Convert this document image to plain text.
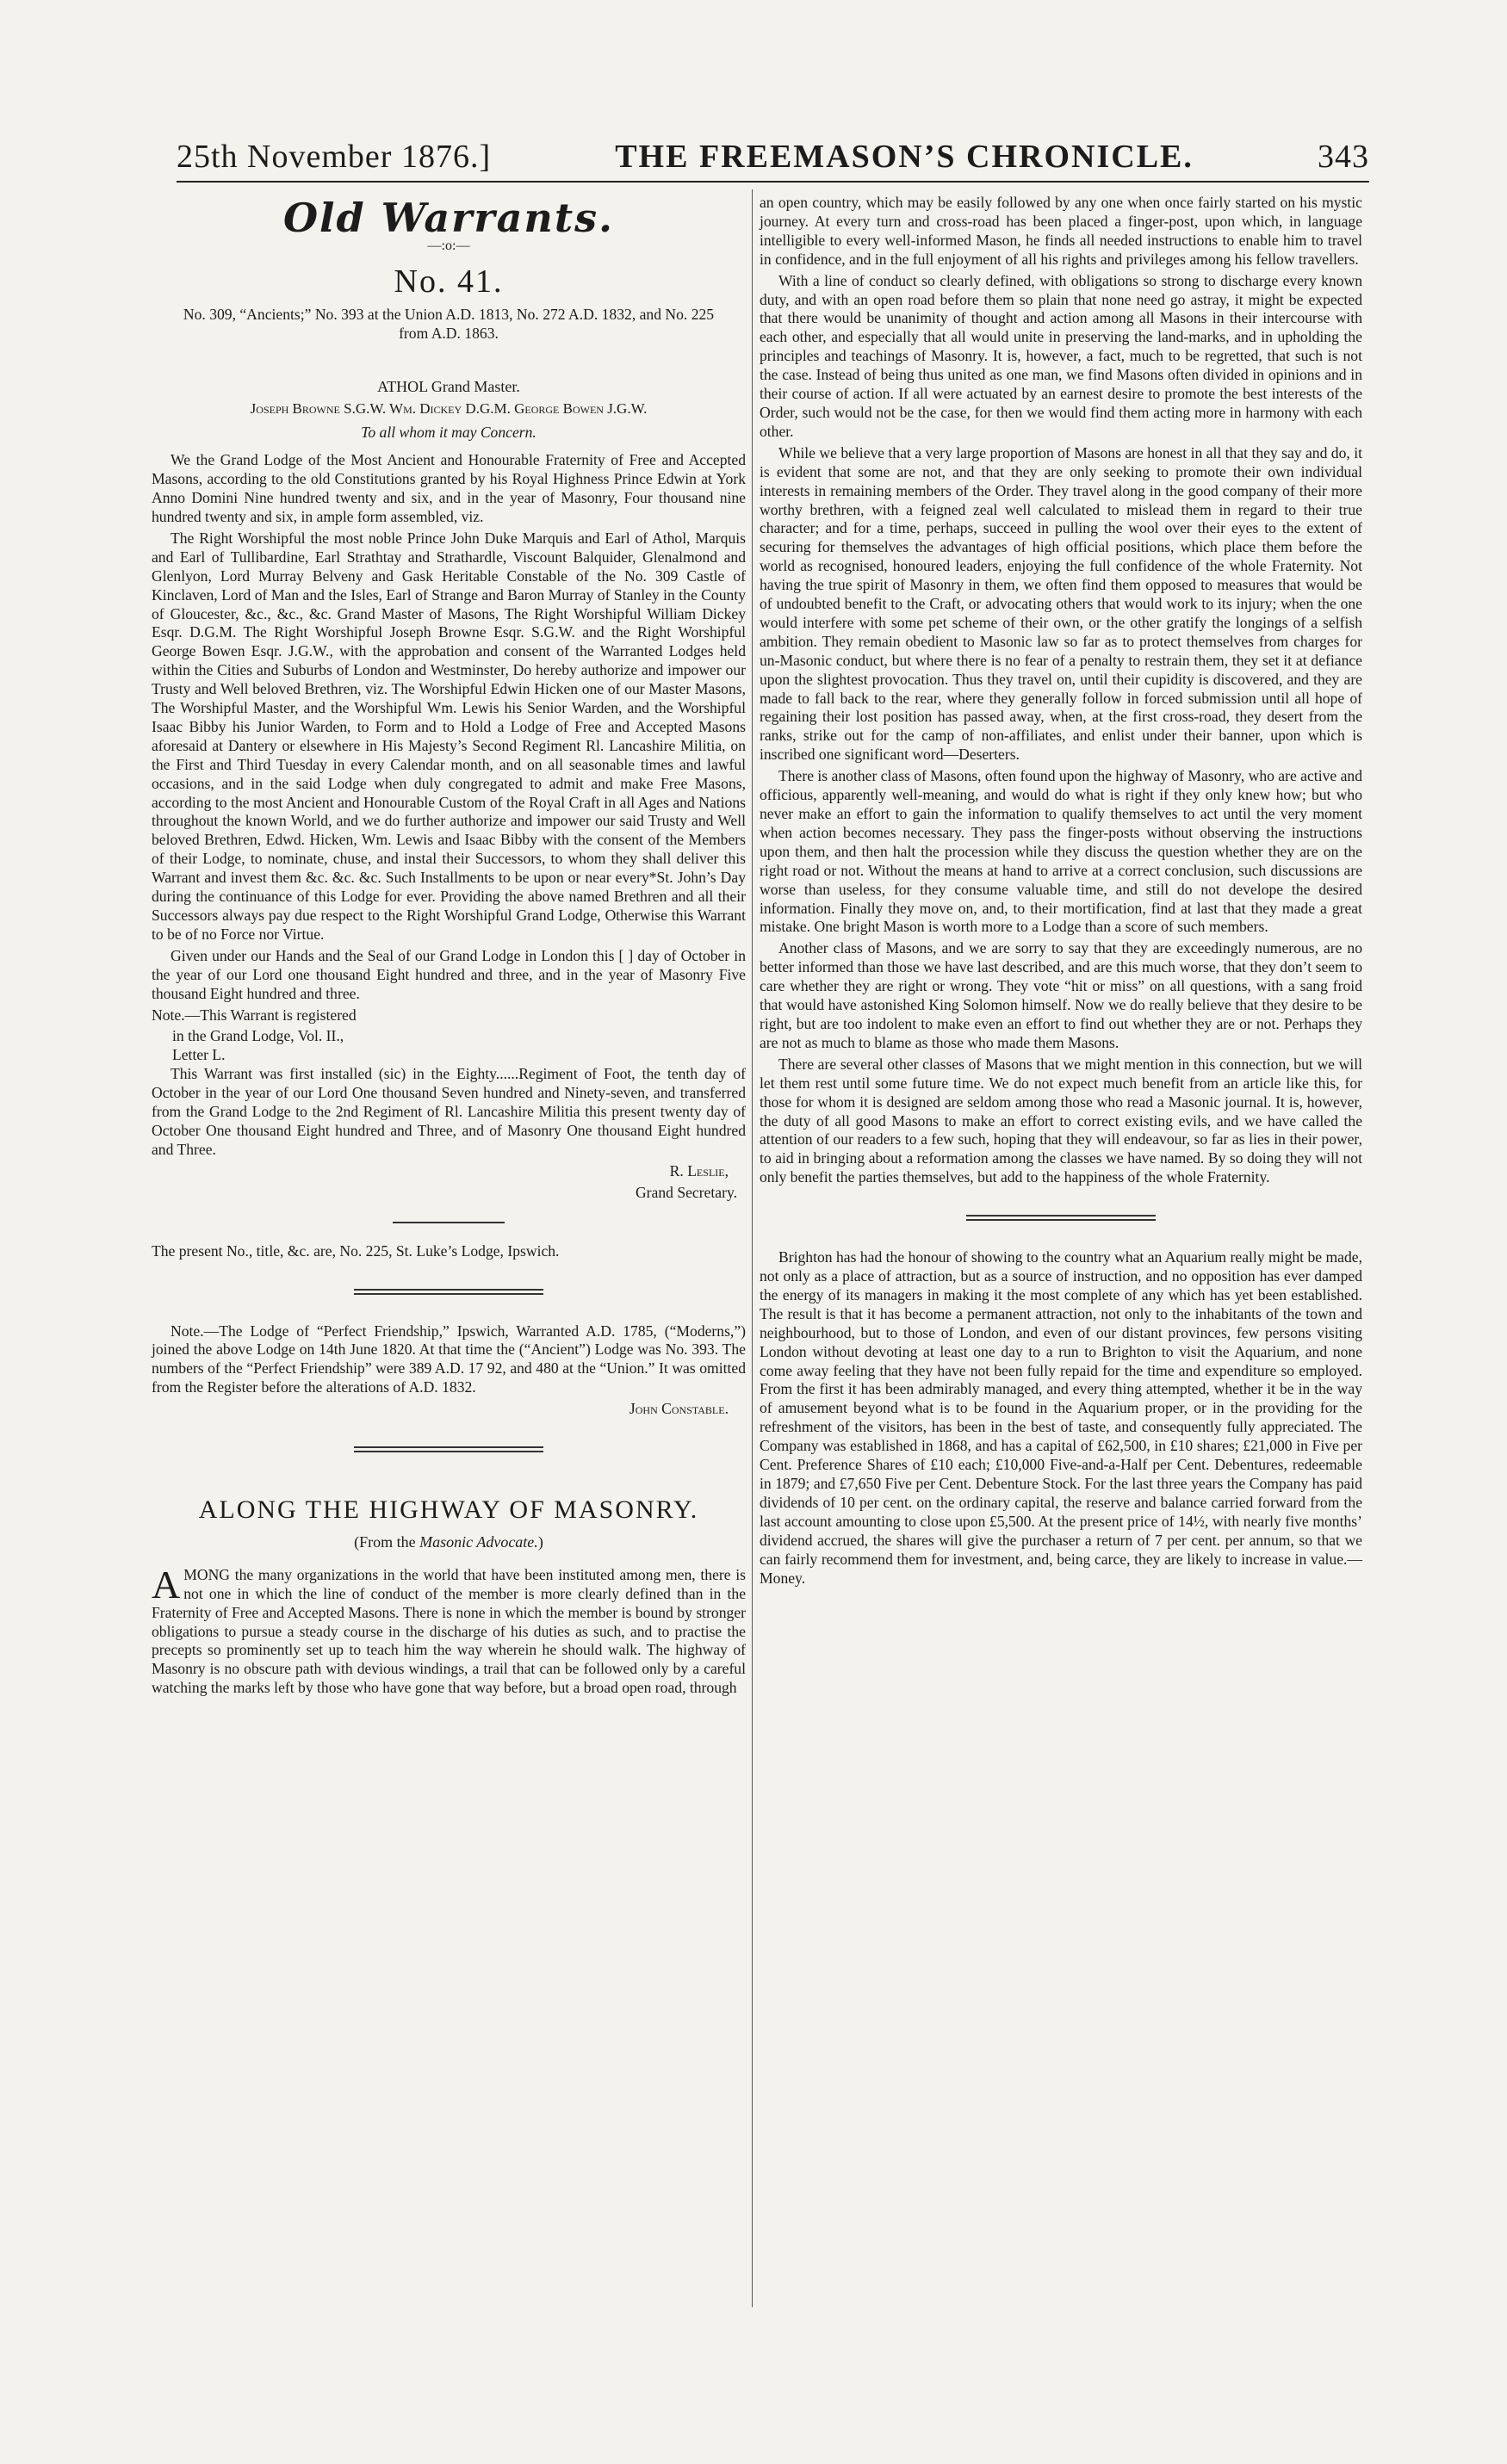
25th November 1876.]	THE FREEMASON’S CHRONICLE.	343
Old Warrants.
—:o:—
No. 41.
No. 309, “Ancients;” No. 393 at the Union A.D. 1813, No. 272 A.D. 1832, and No. 225 from A.D. 1863.
ATHOL Grand Master.
Joseph Browne S.G.W. Wm. Dickey D.G.M. George Bowen J.G.W.
To all whom it may Concern.

We the Grand Lodge of the Most Ancient and Honourable Fraternity of Free and Accepted Masons, according to the old Constitutions granted by his Royal Highness Prince Edwin at York Anno Domini Nine hundred twenty and six, and in the year of Masonry, Four thousand nine hundred twenty and six, in ample form assembled, viz.

The Right Worshipful the most noble Prince John Duke Marquis and Earl of Athol, Marquis and Earl of Tullibardine, Earl Strathtay and Strathardle, Viscount Balquider, Glenalmond and Glenlyon, Lord Murray Belveny and Gask Heritable Constable of the No. 309 Castle of Kinclaven, Lord of Man and the Isles, Earl of Strange and Baron Murray of Stanley in the County of Gloucester, &c., &c., &c. Grand Master of Masons, The Right Worshipful William Dickey Esqr. D.G.M. The Right Worshipful Joseph Browne Esqr. S.G.W. and the Right Worshipful George Bowen Esqr. J.G.W., with the approbation and consent of the Warranted Lodges held within the Cities and Suburbs of London and Westminster, Do hereby authorize and impower our Trusty and Well beloved Brethren, viz. The Worshipful Edwin Hicken one of our Master Masons, The Worshipful Master, and the Worshipful Wm. Lewis his Senior Warden, and the Worshipful Isaac Bibby his Junior Warden, to Form and to Hold a Lodge of Free and Accepted Masons aforesaid at Dantery or elsewhere in His Majesty’s Second Regiment Rl. Lancashire Militia, on the First and Third Tuesday in every Calendar month, and on all seasonable times and lawful occasions, and in the said Lodge when duly congregated to admit and make Free Masons, according to the most Ancient and Honourable Custom of the Royal Craft in all Ages and Nations throughout the known World, and we do further authorize and impower our said Trusty and Well beloved Brethren, Edwd. Hicken, Wm. Lewis and Isaac Bibby with the consent of the Members of their Lodge, to nominate, chuse, and instal their Successors, to whom they shall deliver this Warrant and invest them &c. &c. &c. Such Installments to be upon or near every*St. John’s Day during the continuance of this Lodge for ever. Providing the above named Brethren and all their Successors always pay due respect to the Right Worshipful Grand Lodge, Otherwise this Warrant to be of no Force nor Virtue.

Given under our Hands and the Seal of our Grand Lodge in London this [ ] day of October in the year of our Lord one thousand Eight hundred and three, and in the year of Masonry Five thousand Eight hundred and three.

Note.—This Warrant is registered

in the Grand Lodge, Vol. II.,

Letter L.

This Warrant was first installed (sic) in the Eighty......Regiment of Foot, the tenth day of October in the year of our Lord One thousand Seven hundred and Ninety-seven, and transferred from the Grand Lodge to the 2nd Regiment of Rl. Lancashire Militia this present twenty day of October One thousand Eight hundred and Three, and of Masonry One thousand Eight hundred and Three.

R. Leslie,

Grand Secretary.

The present No., title, &c. are, No. 225, St. Luke’s Lodge, Ipswich.

Note.—The Lodge of “Perfect Friendship,” Ipswich, Warranted A.D. 1785, (“Moderns,”) joined the above Lodge on 14th June 1820. At that time the (“Ancient”) Lodge was No. 393. The numbers of the “Perfect Friendship” were 389 A.D. 17 92, and 480 at the “Union.” It was omitted from the Register before the alterations of A.D. 1832.

John Constable.

ALONG THE HIGHWAY OF MASONRY.
(From the Masonic Advocate.)

AMONG the many organizations in the world that have been instituted among men, there is not one in which the line of conduct of the member is more clearly defined than in the Fraternity of Free and Accepted Masons. There is none in which the member is bound by stronger obligations to pursue a steady course in the discharge of his duties as such, and to practise the precepts so prominently set up to teach him the way wherein he should walk. The highway of Masonry is no obscure path with devious windings, a trail that can be followed only by a careful watching the marks left by those who have gone that way before, but a broad open road, through

an open country, which may be easily followed by any one when once fairly started on his mystic journey. At every turn and cross-road has been placed a finger-post, upon which, in language intelligible to every well-informed Mason, he finds all needed instructions to enable him to travel in confidence, and in the full enjoyment of all his rights and privileges among his fellow travellers.

With a line of conduct so clearly defined, with obligations so strong to discharge every known duty, and with an open road before them so plain that none need go astray, it might be expected that there would be unanimity of thought and action among all Masons in their intercourse with each other, and especially that all would unite in preserving the land-marks, and in upholding the principles and teachings of Masonry. It is, however, a fact, much to be regretted, that such is not the case. Instead of being thus united as one man, we find Masons often divided in opinions and in their course of action. If all were actuated by an earnest desire to promote the best interests of the Order, such would not be the case, for then we would find them acting more in harmony with each other.

While we believe that a very large proportion of Masons are honest in all that they say and do, it is evident that some are not, and that they are only seeking to promote their own individual interests in remaining members of the Order. They travel along in the good company of their more worthy brethren, with a feigned zeal well calculated to mislead them in regard to their true character; and for a time, perhaps, succeed in pulling the wool over their eyes to the extent of securing for themselves the advantages of high official positions, which place them before the world as recognised, honoured leaders, enjoying the full confidence of the whole Fraternity. Not having the true spirit of Masonry in them, we often find them opposed to measures that would be of undoubted benefit to the Craft, or advocating others that would work to its injury; when the one would interfere with some pet scheme of their own, or the other gratify the longings of a selfish ambition. They remain obedient to Masonic law so far as to protect themselves from charges for un-Masonic conduct, but where there is no fear of a penalty to restrain them, they set it at defiance upon the slightest provocation. Thus they travel on, until their cupidity is discovered, and they are made to fall back to the rear, where they generally follow in forced submission until all hope of regaining their lost position has passed away, when, at the first cross-road, they desert from the ranks, strike out for the camp of non-affiliates, and enlist under their banner, upon which is inscribed one significant word—Deserters.

There is another class of Masons, often found upon the highway of Masonry, who are active and officious, apparently well-meaning, and would do what is right if they only knew how; but who never make an effort to gain the information to qualify themselves to act until the very moment when action becomes necessary. They pass the finger-posts without observing the instructions upon them, and then halt the procession while they discuss the question whether they are on the right road or not. Without the means at hand to arrive at a correct conclusion, such discussions are worse than useless, for they consume valuable time, and still do not develope the desired information. Finally they move on, and, to their mortification, find at last that they made a great mistake. One bright Mason is worth more to a Lodge than a score of such members.

Another class of Masons, and we are sorry to say that they are exceedingly numerous, are no better informed than those we have last described, and are this much worse, that they don’t seem to care whether they are right or wrong. They vote “hit or miss” on all questions, with a sang froid that would have astonished King Solomon himself. Now we do really believe that they desire to be right, but are too indolent to make even an effort to find out whether they are or not. Perhaps they are not as much to blame as those who made them Masons.

There are several other classes of Masons that we might mention in this connection, but we will let them rest until some future time. We do not expect much benefit from an article like this, for those for whom it is designed are seldom among those who read a Masonic journal. It is, however, the duty of all good Masons to make an effort to correct existing evils, and we have called the attention of our readers to a few such, hoping that they will endeavour, so far as lies in their power, to aid in bringing about a reformation among the classes we have named. By so doing they will not only benefit the parties themselves, but add to the happiness of the whole Fraternity.

Brighton has had the honour of showing to the country what an Aquarium really might be made, not only as a place of attraction, but as a source of instruction, and no opposition has ever damped the energy of its managers in making it the most complete of any which has yet been established. The result is that it has become a permanent attraction, not only to the inhabitants of the town and neighbourhood, but to those of London, and even of our distant provinces, few persons visiting London without devoting at least one day to a run to Brighton to visit the Aquarium, and none come away feeling that they have not been fully repaid for the time and expenditure so employed. From the first it has been admirably managed, and every thing attempted, whether it be in the way of amusement beyond what is to be found in the Aquarium proper, or in the providing for the refreshment of the visitors, has been in the best of taste, and consequently fully appreciated. The Company was established in 1868, and has a capital of £62,500, in £10 shares; £21,000 in Five per Cent. Preference Shares of £10 each; £10,000 Five-and-a-Half per Cent. Debentures, redeemable in 1879; and £7,650 Five per Cent. Debenture Stock. For the last three years the Company has paid dividends of 10 per cent. on the ordinary capital, the reserve and balance carried forward from the last account amounting to close upon £5,500. At the present price of 14½, with nearly five months’ dividend accrued, the shares will give the purchaser a return of 7 per cent. per annum, so that we can fairly recommend them for investment, and, being carce, they are likely to increase in value.—Money.
